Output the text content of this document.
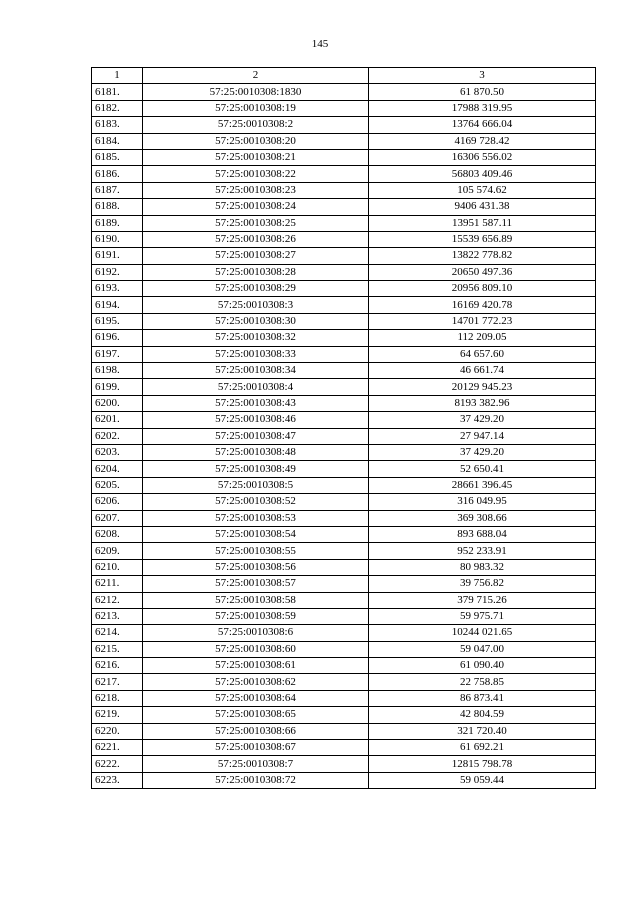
145
1	2	3
6181.	57:25:0010308:1830	61 870.50
6182.	57:25:0010308:19	17988 319.95
6183.	57:25:0010308:2	13764 666.04
6184.	57:25:0010308:20	4169 728.42
6185.	57:25:0010308:21	16306 556.02
6186.	57:25:0010308:22	56803 409.46
6187.	57:25:0010308:23	105 574.62
6188.	57:25:0010308:24	9406 431.38
6189.	57:25:0010308:25	13951 587.11
6190.	57:25:0010308:26	15539 656.89
6191.	57:25:0010308:27	13822 778.82
6192.	57:25:0010308:28	20650 497.36
6193.	57:25:0010308:29	20956 809.10
6194.	57:25:0010308:3	16169 420.78
6195.	57:25:0010308:30	14701 772.23
6196.	57:25:0010308:32	112 209.05
6197.	57:25:0010308:33	64 657.60
6198.	57:25:0010308:34	46 661.74
6199.	57:25:0010308:4	20129 945.23
6200.	57:25:0010308:43	8193 382.96
6201.	57:25:0010308:46	37 429.20
6202.	57:25:0010308:47	27 947.14
6203.	57:25:0010308:48	37 429.20
6204.	57:25:0010308:49	52 650.41
6205.	57:25:0010308:5	28661 396.45
6206.	57:25:0010308:52	316 049.95
6207.	57:25:0010308:53	369 308.66
6208.	57:25:0010308:54	893 688.04
6209.	57:25:0010308:55	952 233.91
6210.	57:25:0010308:56	80 983.32
6211.	57:25:0010308:57	39 756.82
6212.	57:25:0010308:58	379 715.26
6213.	57:25:0010308:59	59 975.71
6214.	57:25:0010308:6	10244 021.65
6215.	57:25:0010308:60	59 047.00
6216.	57:25:0010308:61	61 090.40
6217.	57:25:0010308:62	22 758.85
6218.	57:25:0010308:64	86 873.41
6219.	57:25:0010308:65	42 804.59
6220.	57:25:0010308:66	321 720.40
6221.	57:25:0010308:67	61 692.21
6222.	57:25:0010308:7	12815 798.78
6223.	57:25:0010308:72	59 059.44
